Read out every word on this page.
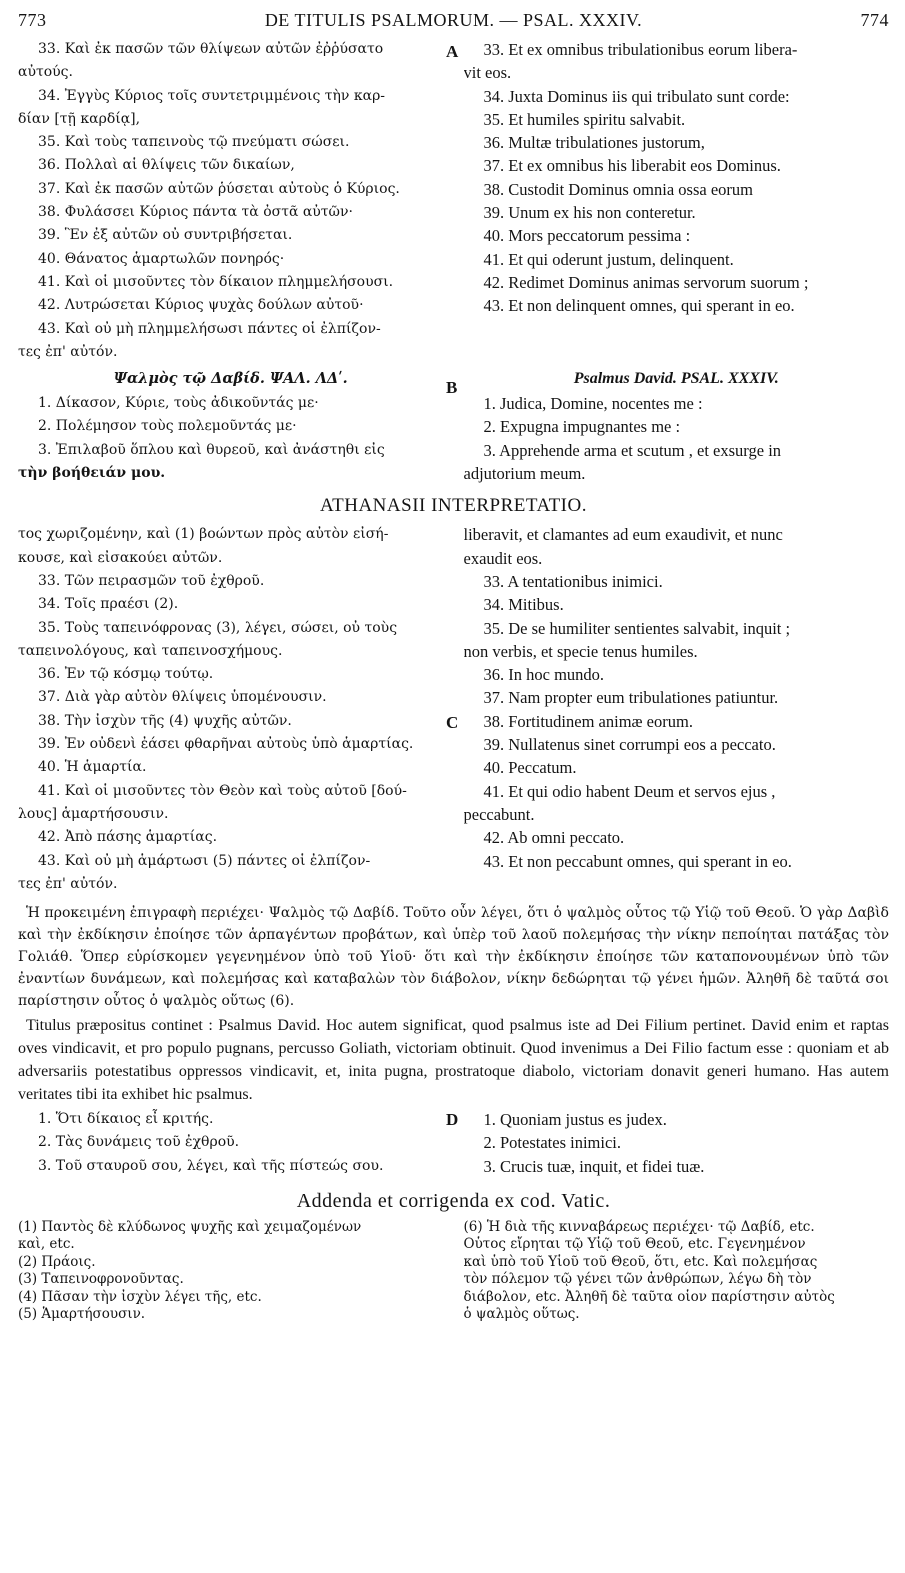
773	DE TITULIS PSALMORUM. — PSAL. XXXIV.	774
A
33. Καὶ ἐκ πασῶν τῶν θλίψεων αὐτῶν ἐῤῥύσατο
αὐτούς.
34. Ἐγγὺς Κύριος τοῖς συντετριμμένοις τὴν καρ-
δίαν [τῇ καρδίᾳ],
35. Καὶ τοὺς ταπεινοὺς τῷ πνεύματι σώσει.
36. Πολλαὶ αἱ θλίψεις τῶν δικαίων,
37. Καὶ ἐκ πασῶν αὐτῶν ῥύσεται αὐτοὺς ὁ Κύριος.
38. Φυλάσσει Κύριος πάντα τὰ ὀστᾶ αὐτῶν·
39. Ἓν ἐξ αὐτῶν οὐ συντριβήσεται.
40. Θάνατος ἁμαρτωλῶν πονηρός·
41. Καὶ οἱ μισοῦντες τὸν δίκαιον πλημμελήσουσι.
42. Λυτρώσεται Κύριος ψυχὰς δούλων αὐτοῦ·
43. Καὶ οὐ μὴ πλημμελήσωσι πάντες οἱ ἐλπίζον-
τες ἐπ' αὐτόν.
33. Et ex omnibus tribulationibus eorum libera-
vit eos.
34. Juxta Dominus iis qui tribulato sunt corde:
35. Et humiles spiritu salvabit.
36. Multæ tribulationes justorum,
37. Et ex omnibus his liberabit eos Dominus.
38. Custodit Dominus omnia ossa eorum
39. Unum ex his non conteretur.
40. Mors peccatorum pessima :
41. Et qui oderunt justum, delinquent.
42. Redimet Dominus animas servorum suorum ;
43. Et non delinquent omnes, qui sperant in eo.
B
Ψαλμὸς τῷ Δαβίδ. ΨΑΛ. ΛΔʹ.
1. Δίκασον, Κύριε, τοὺς ἀδικοῦντάς με·
2. Πολέμησον τοὺς πολεμοῦντάς με·
3. Ἐπιλαβοῦ ὅπλου καὶ θυρεοῦ, καὶ ἀνάστηθι εἰς
τὴν βοήθειάν μου.
Psalmus David. PSAL. XXXIV.
1. Judica, Domine, nocentes me :
2. Expugna impugnantes me :
3. Apprehende arma et scutum , et exsurge in
adjutorium meum.
ATHANASII INTERPRETATIO.
C
τος χωριζομένην, καὶ (1) βοώντων πρὸς αὐτὸν εἰσή-
κουσε, καὶ εἰσακούει αὐτῶν.
33. Τῶν πειρασμῶν τοῦ ἐχθροῦ.
34. Τοῖς πραέσι (2).
35. Τοὺς ταπεινόφρονας (3), λέγει, σώσει, οὐ τοὺς
ταπεινολόγους, καὶ ταπεινοσχήμους.
36. Ἐν τῷ κόσμῳ τούτῳ.
37. Διὰ γὰρ αὐτὸν θλίψεις ὑπομένουσιν.
38. Τὴν ἰσχὺν τῆς (4) ψυχῆς αὐτῶν.
39. Ἐν οὐδενὶ ἐάσει φθαρῆναι αὐτοὺς ὑπὸ ἁμαρτίας.
40. Ἡ ἁμαρτία.
41. Καὶ οἱ μισοῦντες τὸν Θεὸν καὶ τοὺς αὐτοῦ [δού-
λους] ἁμαρτήσουσιν.
42. Ἀπὸ πάσης ἁμαρτίας.
43. Καὶ οὐ μὴ ἁμάρτωσι (5) πάντες οἱ ἐλπίζον-
τες ἐπ' αὐτόν.
liberavit, et clamantes ad eum exaudivit, et nunc
exaudit eos.
33. A tentationibus inimici.
34. Mitibus.
35. De se humiliter sentientes salvabit, inquit ;
non verbis, et specie tenus humiles.
36. In hoc mundo.
37. Nam propter eum tribulationes patiuntur.
38. Fortitudinem animæ eorum.
39. Nullatenus sinet corrumpi eos a peccato.
40. Peccatum.
41. Et qui odio habent Deum et servos ejus ,
peccabunt.
42. Ab omni peccato.
43. Et non peccabunt omnes, qui sperant in eo.

Ἡ προκειμένη ἐπιγραφὴ περιέχει· Ψαλμὸς τῷ Δαβίδ. Τοῦτο οὖν λέγει, ὅτι ὁ ψαλμὸς οὗτος τῷ Υἱῷ τοῦ Θεοῦ. Ὁ γὰρ Δαβὶδ καὶ τὴν ἐκδίκησιν ἐποίησε τῶν ἁρπαγέντων προβάτων, καὶ ὑπὲρ τοῦ λαοῦ πολεμήσας τὴν νίκην πεποίηται πατάξας τὸν Γολιάθ. Ὅπερ εὑρίσκομεν γεγενημένον ὑπὸ τοῦ Υἱοῦ· ὅτι καὶ τὴν ἐκδίκησιν ἐποίησε τῶν καταπονουμένων ὑπὸ τῶν ἐναντίων δυνάμεων, καὶ πολεμήσας καὶ καταβαλὼν τὸν διάβολον, νίκην δεδώρηται τῷ γένει ἡμῶν. Ἀληθῆ δὲ ταῦτά σοι παρίστησιν οὗτος ὁ ψαλμὸς οὕτως (6).

Titulus præpositus continet : Psalmus David. Hoc autem significat, quod psalmus iste ad Dei Filium pertinet. David enim et raptas oves vindicavit, et pro populo pugnans, percusso Goliath, victoriam obtinuit. Quod invenimus a Dei Filio factum esse : quoniam et ab adversariis potestatibus oppressos vindicavit, et, inita pugna, prostratoque diabolo, victoriam donavit generi humano. Has autem veritates tibi ita exhibet hic psalmus.

D
1. Ὅτι δίκαιος εἶ κριτής.
2. Τὰς δυνάμεις τοῦ ἐχθροῦ.
3. Τοῦ σταυροῦ σου, λέγει, καὶ τῆς πίστεώς σου.
1. Quoniam justus es judex.
2. Potestates inimici.
3. Crucis tuæ, inquit, et fidei tuæ.
Addenda et corrigenda ex cod. Vatic.
(1) Παντὸς δὲ κλύδωνος ψυχῆς καὶ χειμαζομένων
καὶ, etc.
(2) Πράοις.
(3) Ταπεινοφρονοῦντας.
(4) Πᾶσαν τὴν ἰσχὺν λέγει τῆς, etc.
(5) Ἁμαρτήσουσιν.
(6) Ἡ διὰ τῆς κινναβάρεως περιέχει· τῷ Δαβίδ, etc.
Οὗτος εἴρηται τῷ Υἱῷ τοῦ Θεοῦ, etc. Γεγενημένον
καὶ ὑπὸ τοῦ Υἱοῦ τοῦ Θεοῦ, ὅτι, etc. Καὶ πολεμήσας
τὸν πόλεμον τῷ γένει τῶν ἀνθρώπων, λέγω δὴ τὸν
διάβολον, etc. Ἀληθῆ δὲ ταῦτα οἷον παρίστησιν αὐτὸς
ὁ ψαλμὸς οὕτως.
